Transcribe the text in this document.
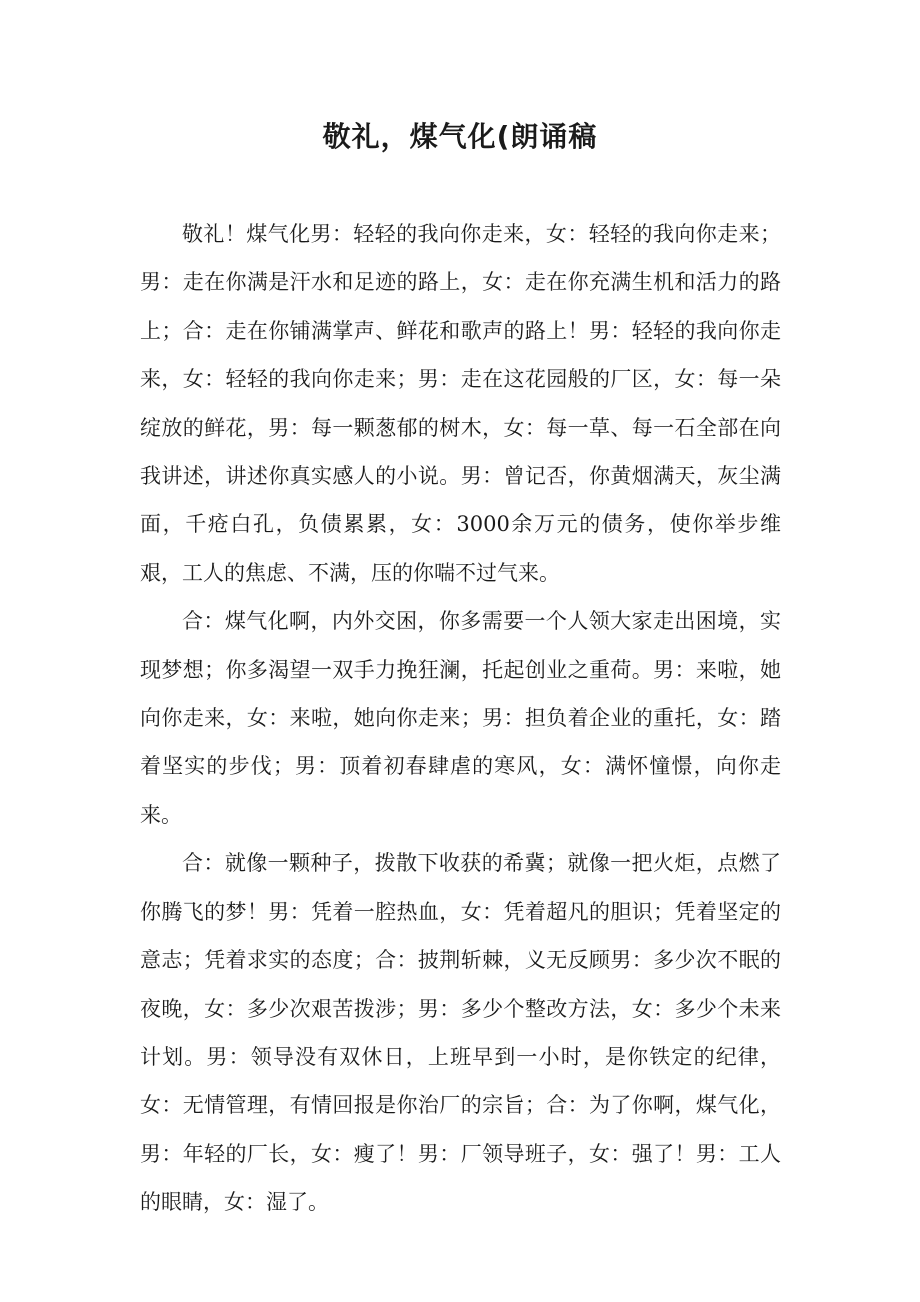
敬礼，煤气化(朗诵稿

敬礼！煤气化男：轻轻的我向你走来，女：轻轻的我向你走来；男：走在你满是汗水和足迹的路上，女：走在你充满生机和活力的路上；合：走在你铺满掌声、鲜花和歌声的路上！男：轻轻的我向你走来，女：轻轻的我向你走来；男：走在这花园般的厂区，女：每一朵绽放的鲜花，男：每一颗葱郁的树木，女：每一草、每一石全部在向我讲述，讲述你真实感人的小说。男：曾记否，你黄烟满天，灰尘满面，千疮白孔，负债累累，女：3000余万元的债务，使你举步维艰，工人的焦虑、不满，压的你喘不过气来。

合：煤气化啊，内外交困，你多需要一个人领大家走出困境，实现梦想；你多渴望一双手力挽狂澜，托起创业之重荷。男：来啦，她向你走来，女：来啦，她向你走来；男：担负着企业的重托，女：踏着坚实的步伐；男：顶着初春肆虐的寒风，女：满怀憧憬，向你走来。

合：就像一颗种子，拨散下收获的希冀；就像一把火炬，点燃了你腾飞的梦！男：凭着一腔热血，女：凭着超凡的胆识；凭着坚定的意志；凭着求实的态度；合：披荆斩棘，义无反顾男：多少次不眠的夜晚，女：多少次艰苦拨涉；男：多少个整改方法，女：多少个未来计划。男：领导没有双休日，上班早到一小时，是你铁定的纪律，女：无情管理，有情回报是你治厂的宗旨；合：为了你啊，煤气化，男：年轻的厂长，女：瘦了！男：厂领导班子，女：强了！男：工人的眼睛，女：湿了。
